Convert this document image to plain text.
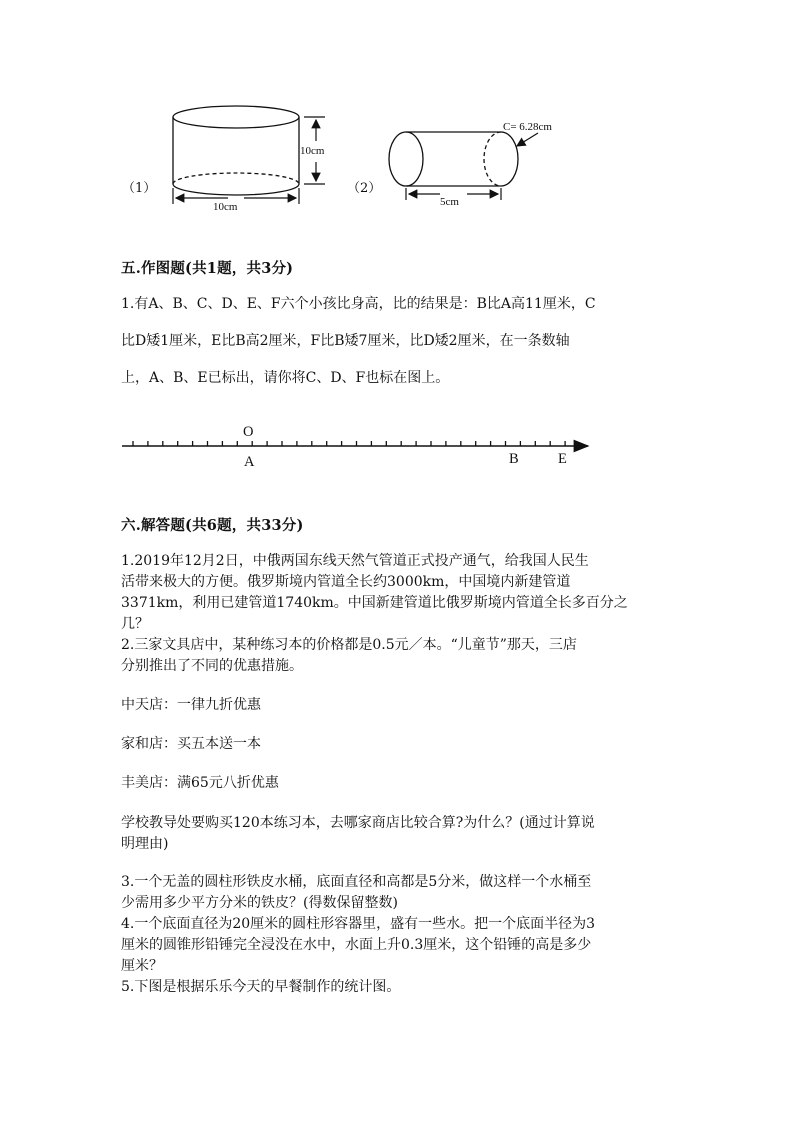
（1）
10cm
10cm
（2）
C= 6.28cm
5cm
五.作图题(共1题，共3分)
1.有A、B、C、D、E、F六个小孩比身高，比的结果是：B比A高11厘米，C
比D矮1厘米，E比B高2厘米，F比B矮7厘米，比D矮2厘米，在一条数轴
上，A、B、E已标出，请你将C、D、F也标在图上。
O
A	B	E
六.解答题(共6题，共33分)
1.2019年12月2日，中俄两国东线天然气管道正式投产通气，给我国人民生
活带来极大的方便。俄罗斯境内管道全长约3000km，中国境内新建管道
3371km，利用已建管道1740km。中国新建管道比俄罗斯境内管道全长多百分之
几？
2.三家文具店中，某种练习本的价格都是0.5元／本。“儿童节”那天，三店
分别推出了不同的优惠措施。
中天店：一律九折优惠
家和店：买五本送一本
丰美店：满65元八折优惠
学校教导处要购买120本练习本，去哪家商店比较合算?为什么？(通过计算说
明理由)
3.一个无盖的圆柱形铁皮水桶，底面直径和高都是5分米，做这样一个水桶至
少需用多少平方分米的铁皮？(得数保留整数)
4.一个底面直径为20厘米的圆柱形容器里，盛有一些水。把一个底面半径为3
厘米的圆锥形铅锤完全浸没在水中，水面上升0.3厘米，这个铅锤的高是多少
厘米？
5.下图是根据乐乐今天的早餐制作的统计图。
